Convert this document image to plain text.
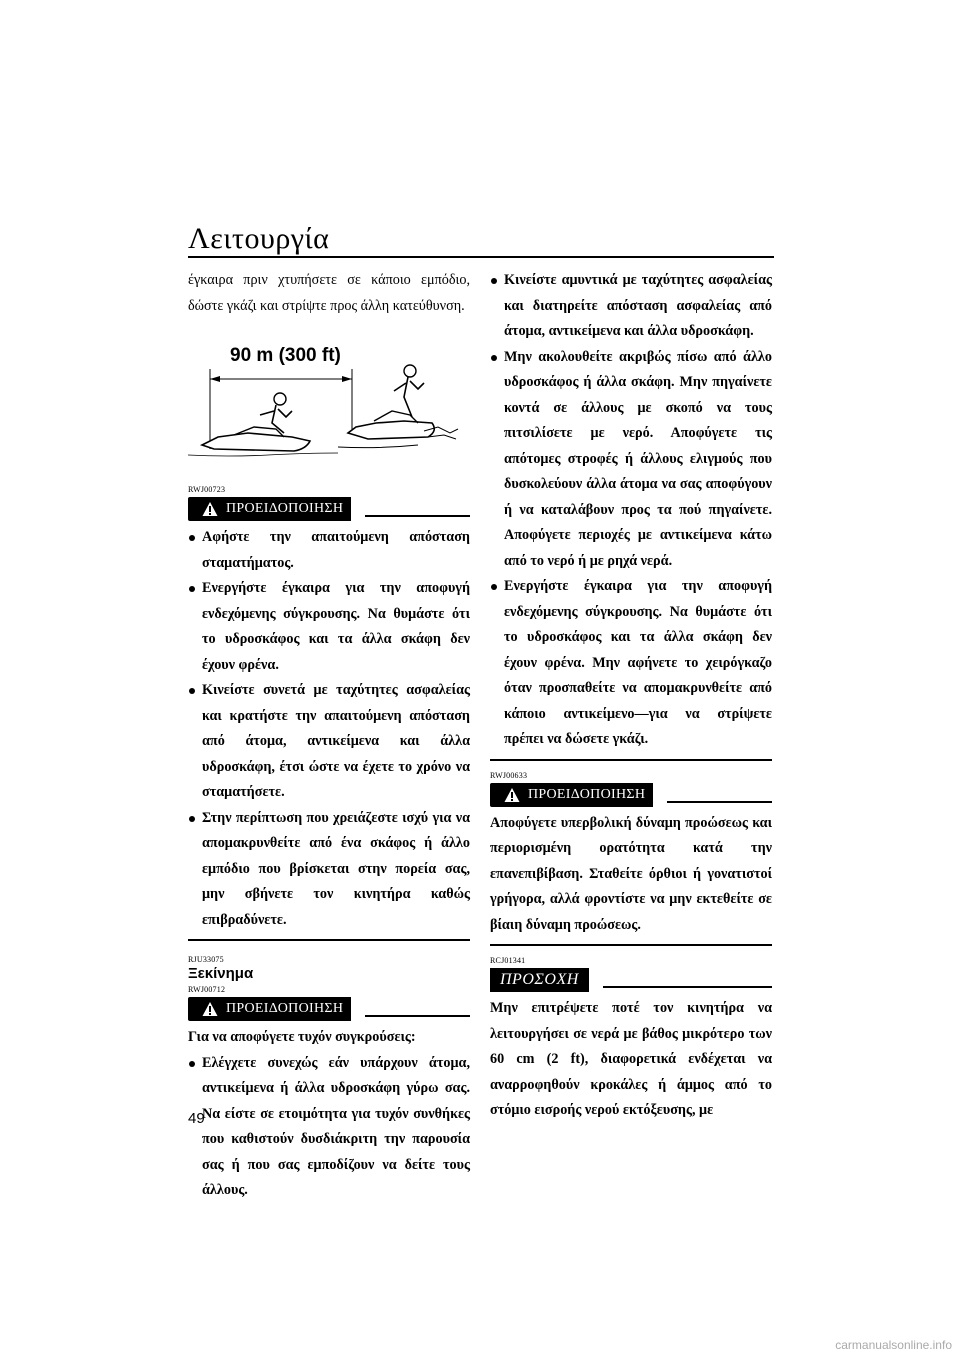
Λειτουργία

έγκαιρα πριν χτυπήσετε σε κάποιο εμπόδιο, δώστε γκάζι και στρίψτε προς άλλη κατεύθυνση.

90 m (300 ft)
RWJ00723
ΠΡΟΕΙΔΟΠΟΙΗΣΗ
Αφήστε την απαιτούμενη απόσταση σταματήματος.
Ενεργήστε έγκαιρα για την αποφυγή ενδεχόμενης σύγκρουσης. Να θυμάστε ότι το υδροσκάφος και τα άλλα σκάφη δεν έχουν φρένα.
Κινείστε συνετά με ταχύτητες ασφαλείας και κρατήστε την απαιτούμενη απόσταση από άτομα, αντικείμενα και άλλα υδροσκάφη, έτσι ώστε να έχετε το χρόνο να σταματήσετε.
Στην περίπτωση που χρειάζεστε ισχύ για να απομακρυνθείτε από ένα σκάφος ή άλλο εμπόδιο που βρίσκεται στην πορεία σας, μην σβήνετε τον κινητήρα καθώς επιβραδύνετε.
RJU33075

Ξεκίνημα

RWJ00712
ΠΡΟΕΙΔΟΠΟΙΗΣΗ

Για να αποφύγετε τυχόν συγκρούσεις:

Ελέγχετε συνεχώς εάν υπάρχουν άτομα, αντικείμενα ή άλλα υδροσκάφη γύρω σας. Να είστε σε ετοιμότητα για τυχόν συνθήκες που καθιστούν δυσδιάκριτη την παρουσία σας ή που σας εμποδίζουν να δείτε τους άλλους.
Κινείστε αμυντικά με ταχύτητες ασφαλείας και διατηρείτε απόσταση ασφαλείας από άτομα, αντικείμενα και άλλα υδροσκάφη.
Μην ακολουθείτε ακριβώς πίσω από άλλο υδροσκάφος ή άλλα σκάφη. Μην πηγαίνετε κοντά σε άλλους με σκοπό να τους πιτσιλίσετε με νερό. Αποφύγετε τις απότομες στροφές ή άλλους ελιγμούς που δυσκολεύουν άλλα άτομα να σας αποφύγουν ή να καταλάβουν προς τα πού πηγαίνετε. Αποφύγετε περιοχές με αντικείμενα κάτω από το νερό ή με ρηχά νερά.
Ενεργήστε έγκαιρα για την αποφυγή ενδεχόμενης σύγκρουσης. Να θυμάστε ότι το υδροσκάφος και τα άλλα σκάφη δεν έχουν φρένα. Μην αφήνετε το χειρόγκαζο όταν προσπαθείτε να απομακρυνθείτε από κάποιο αντικείμενο—για να στρίψετε πρέπει να δώσετε γκάζι.
RWJ00633
ΠΡΟΕΙΔΟΠΟΙΗΣΗ

Αποφύγετε υπερβολική δύναμη προώσεως και περιορισμένη ορατότητα κατά την επανεπιβίβαση. Σταθείτε όρθιοι ή γονατιστοί γρήγορα, αλλά φροντίστε να μην εκτεθείτε σε βίαιη δύναμη προώσεως.

RCJ01341
ΠΡΟΣΟΧΗ

Μην επιτρέψετε ποτέ τον κινητήρα να λειτουργήσει σε νερά με βάθος μικρότερο των 60 cm (2 ft), διαφορετικά ενδέχεται να αναρροφηθούν κροκάλες ή άμμος από το στόμιο εισροής νερού εκτόξευσης, με

49
carmanualsonline.info
